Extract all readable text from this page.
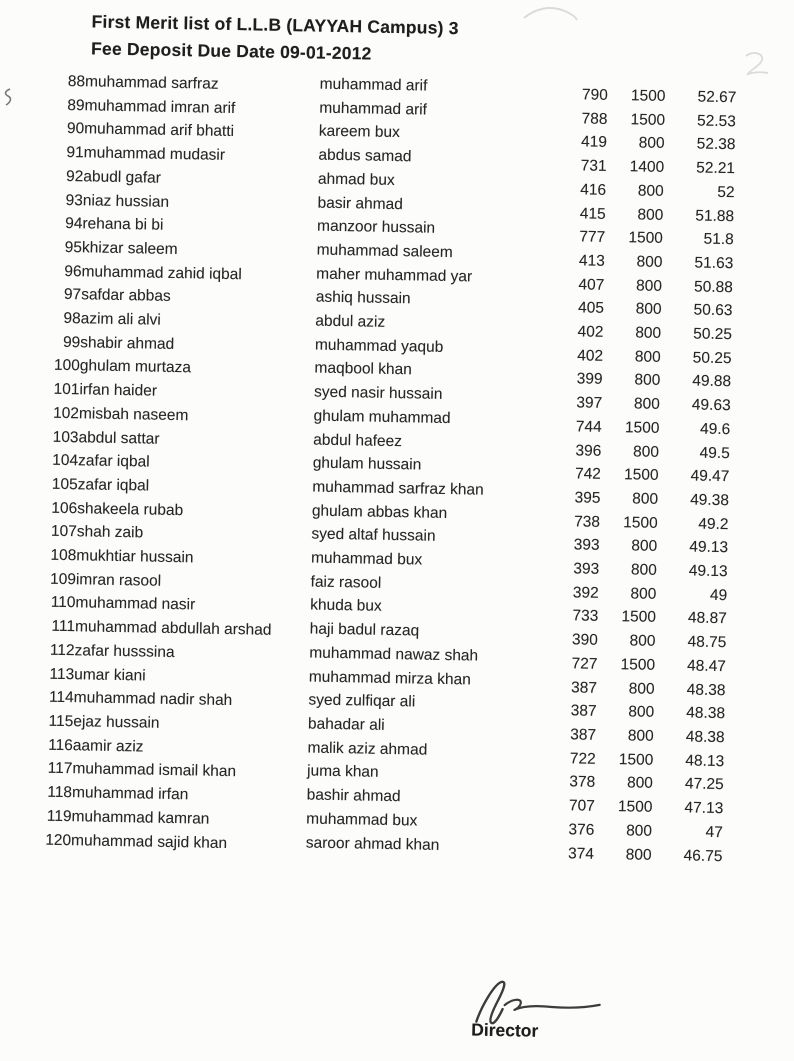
First Merit list of L.L.B (LAYYAH Campus) 3
Fee Deposit Due Date 09-01-2012
88	muhammad sarfraz	muhammad arif	790	1500	52.67
89	muhammad imran arif	muhammad arif	788	1500	52.53
90	muhammad arif bhatti	kareem bux	419	800	52.38
91	muhammad mudasir	abdus samad	731	1400	52.21
92	abudl gafar	ahmad bux	416	800	52
93	niaz hussian	basir ahmad	415	800	51.88
94	rehana bi bi	manzoor hussain	777	1500	51.8
95	khizar saleem	muhammad saleem	413	800	51.63
96	muhammad zahid iqbal	maher muhammad yar	407	800	50.88
97	safdar abbas	ashiq hussain	405	800	50.63
98	azim ali alvi	abdul aziz	402	800	50.25
99	shabir ahmad	muhammad yaqub	402	800	50.25
100	ghulam murtaza	maqbool khan	399	800	49.88
101	irfan haider	syed nasir hussain	397	800	49.63
102	misbah naseem	ghulam muhammad	744	1500	49.6
103	abdul sattar	abdul hafeez	396	800	49.5
104	zafar iqbal	ghulam hussain	742	1500	49.47
105	zafar iqbal	muhammad sarfraz khan	395	800	49.38
106	shakeela rubab	ghulam abbas khan	738	1500	49.2
107	shah zaib	syed altaf hussain	393	800	49.13
108	mukhtiar hussain	muhammad bux	393	800	49.13
109	imran rasool	faiz rasool	392	800	49
110	muhammad nasir	khuda bux	733	1500	48.87
111	muhammad abdullah arshad	haji badul razaq	390	800	48.75
112	zafar husssina	muhammad nawaz shah	727	1500	48.47
113	umar kiani	muhammad mirza khan	387	800	48.38
114	muhammad nadir shah	syed zulfiqar ali	387	800	48.38
115	ejaz hussain	bahadar ali	387	800	48.38
116	aamir aziz	malik aziz ahmad	722	1500	48.13
117	muhammad ismail khan	juma khan	378	800	47.25
118	muhammad irfan	bashir ahmad	707	1500	47.13
119	muhammad kamran	muhammad bux	376	800	47
120	muhammad sajid khan	saroor ahmad khan	374	800	46.75
Director
